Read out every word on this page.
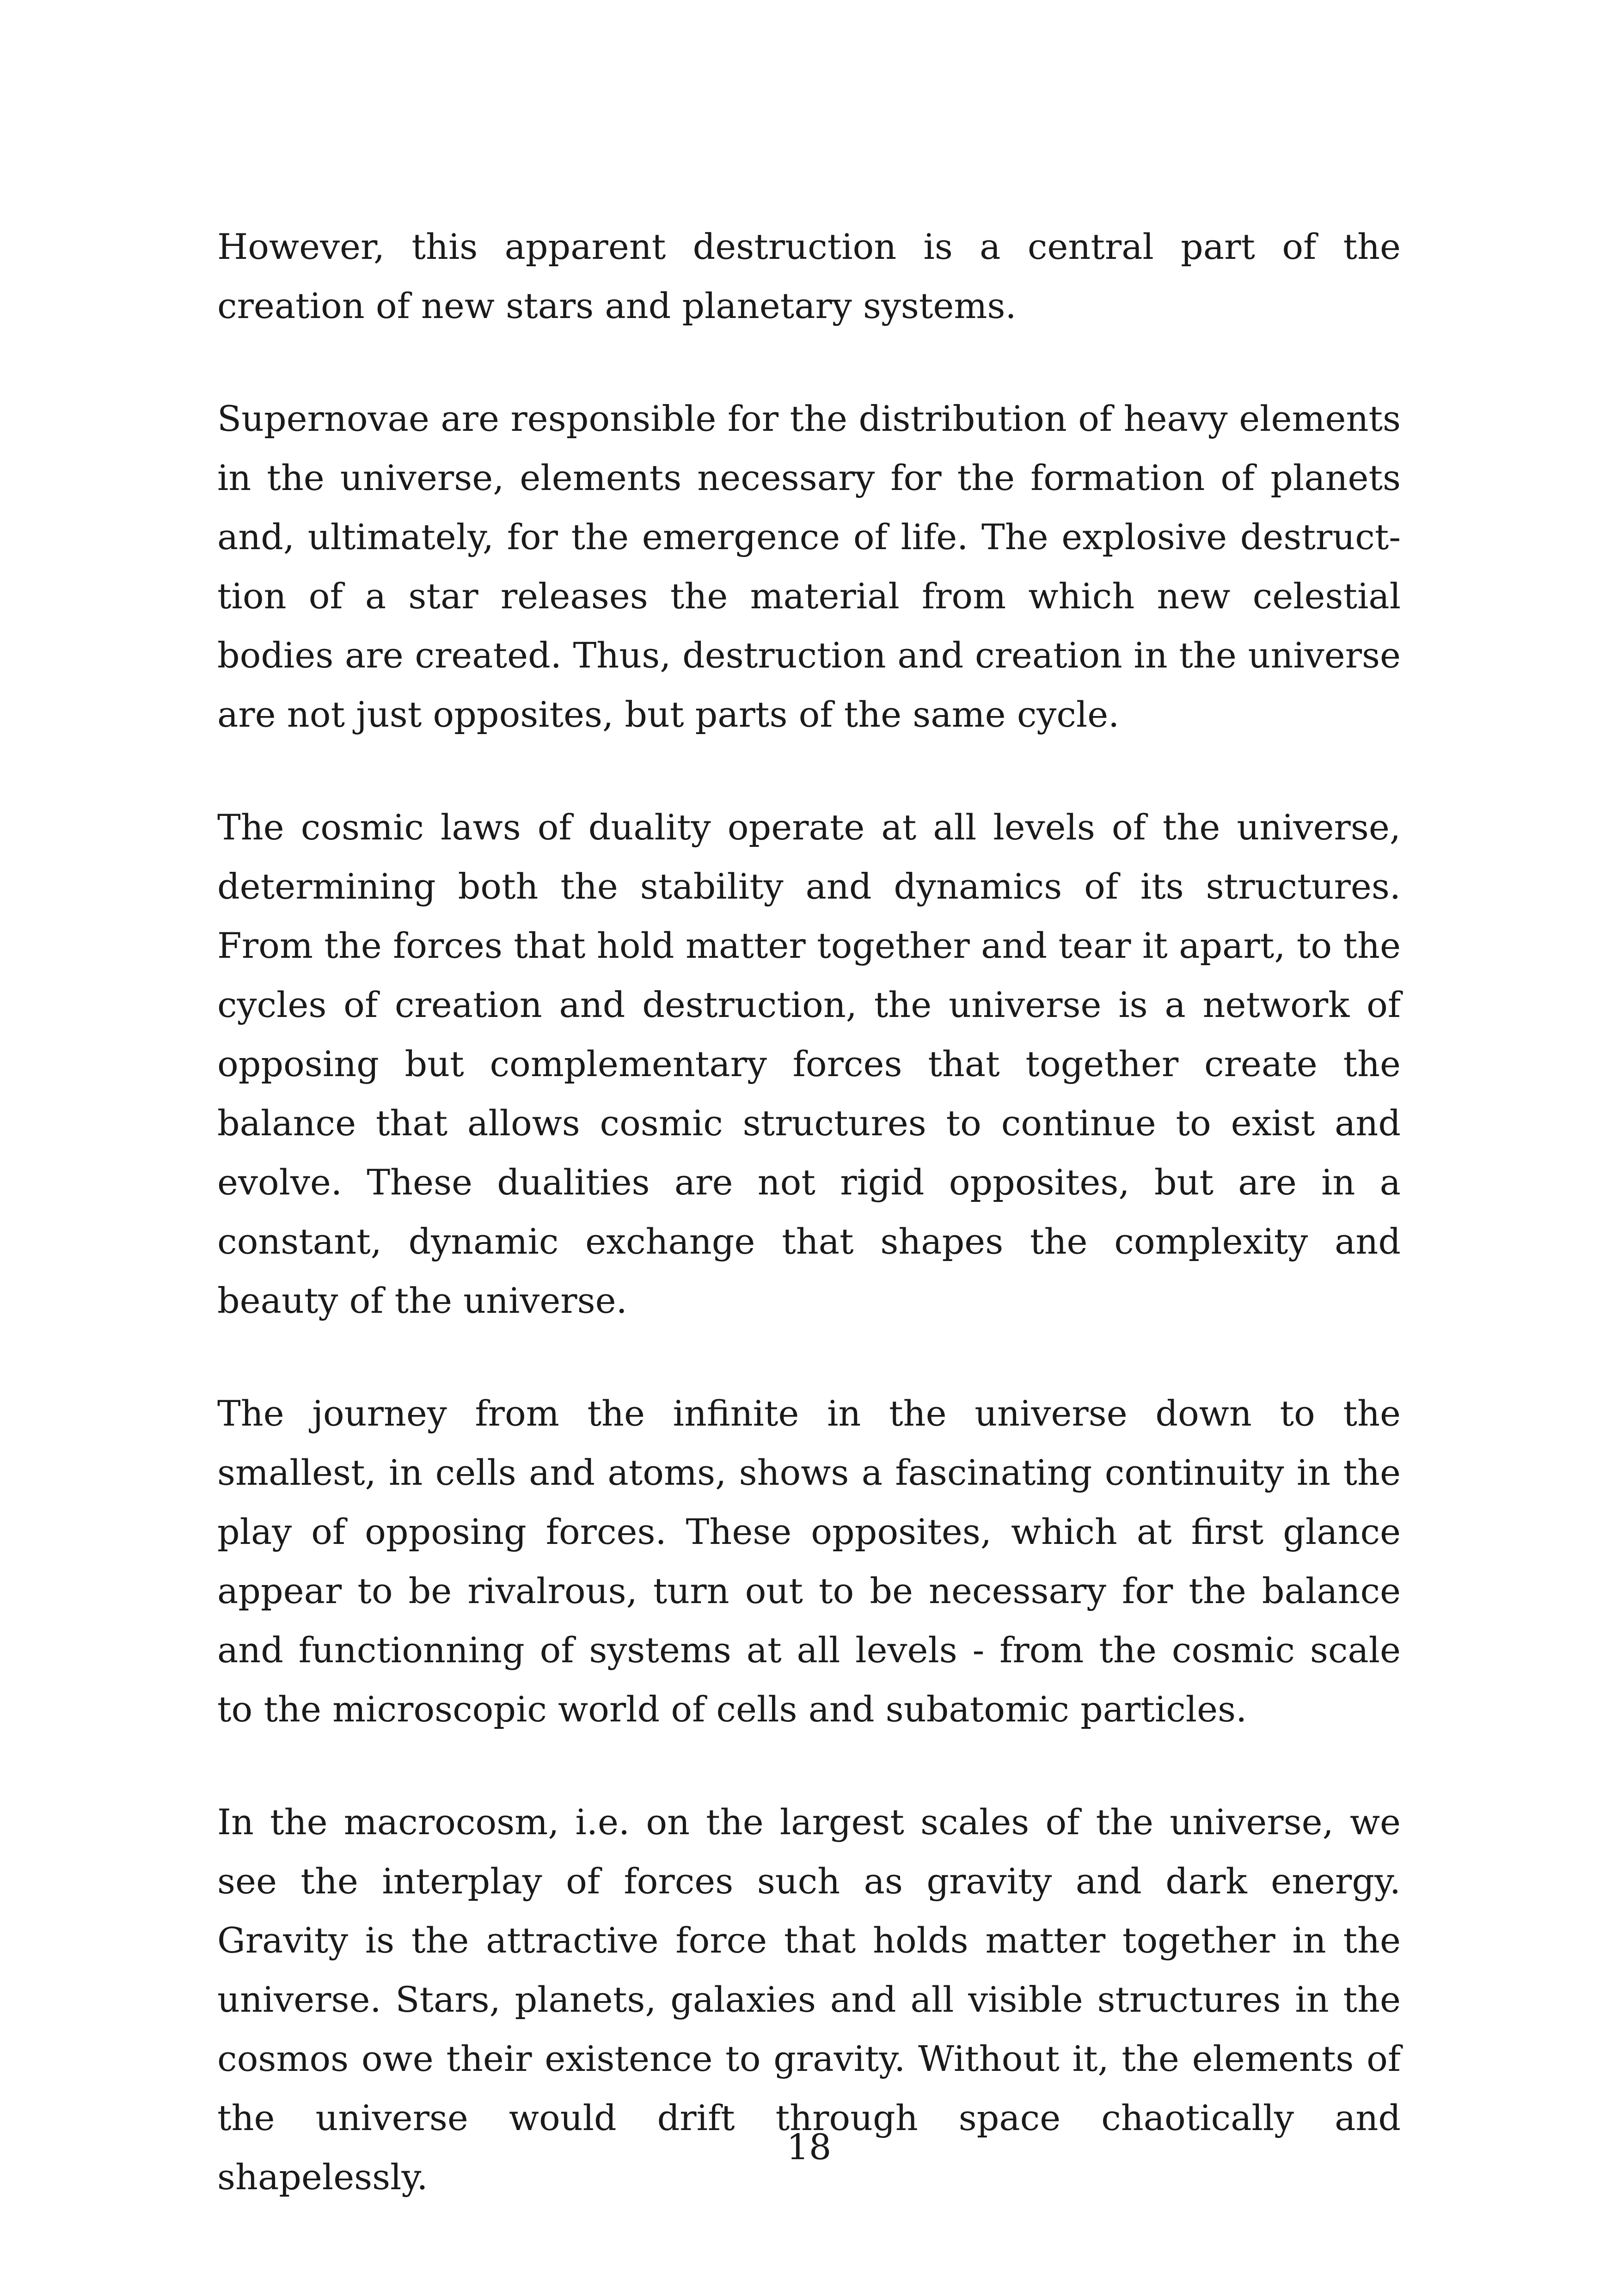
However, this apparent destruction is a central part of the creation of new stars and planetary systems.

Supernovae are responsible for the distribution of heavy elements in the universe, elements necessary for the formation of planets and, ultimately, for the emergence of life. The explosive destructtion of a star releases the material from which new celestial bodies are created. Thus, destruction and creation in the universe are not just opposites, but parts of the same cycle.

The cosmic laws of duality operate at all levels of the universe, determining both the stability and dynamics of its structures. From the forces that hold matter together and tear it apart, to the cycles of creation and destruction, the universe is a network of opposing but complementary forces that together create the balance that allows cosmic structures to continue to exist and evolve. These dualities are not rigid opposites, but are in a constant, dynamic exchange that shapes the complexity and beauty of the universe.

The journey from the infinite in the universe down to the smallest, in cells and atoms, shows a fascinating continuity in the play of opposing forces. These opposites, which at first glance appear to be rivalrous, turn out to be necessary for the balance and functionning of systems at all levels - from the cosmic scale to the microscopic world of cells and subatomic particles.

In the macrocosm, i.e. on the largest scales of the universe, we see the interplay of forces such as gravity and dark energy. Gravity is the attractive force that holds matter together in the universe. Stars, planets, galaxies and all visible structures in the cosmos owe their existence to gravity. Without it, the elements of the universe would drift through space chaotically and shapelessly.

18
